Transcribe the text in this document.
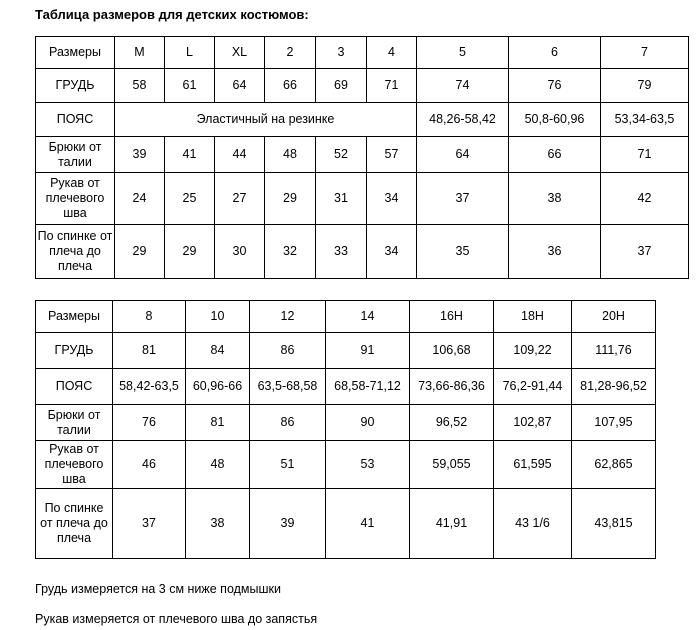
Таблица размеров для детских костюмов:
Размеры	M	L	XL	2	3	4	5	6	7
ГРУДЬ	58	61	64	66	69	71	74	76	79
ПОЯС	Эластичный на резинке						48,26-58,42	50,8-60,96	53,34-63,5
Брюки от талии	39	41	44	48	52	57	64	66	71
Рукав от плечевого шва	24	25	27	29	31	34	37	38	42
По спинке от плеча до плеча	29	29	30	32	33	34	35	36	37
Размеры	8	10	12	14	16Н	18Н	20Н
ГРУДЬ	81	84	86	91	106,68	109,22	111,76
ПОЯС	58,42-63,5	60,96-66	63,5-68,58	68,58-71,12	73,66-86,36	76,2-91,44	81,28-96,52
Брюки от талии	76	81	86	90	96,52	102,87	107,95
Рукав от плечевого шва	46	48	51	53	59,055	61,595	62,865
По спинке от плеча до плеча	37	38	39	41	41,91	43 1/6	43,815
Грудь измеряется на 3 см ниже подмышки
Рукав измеряется от плечевого шва до запястья
